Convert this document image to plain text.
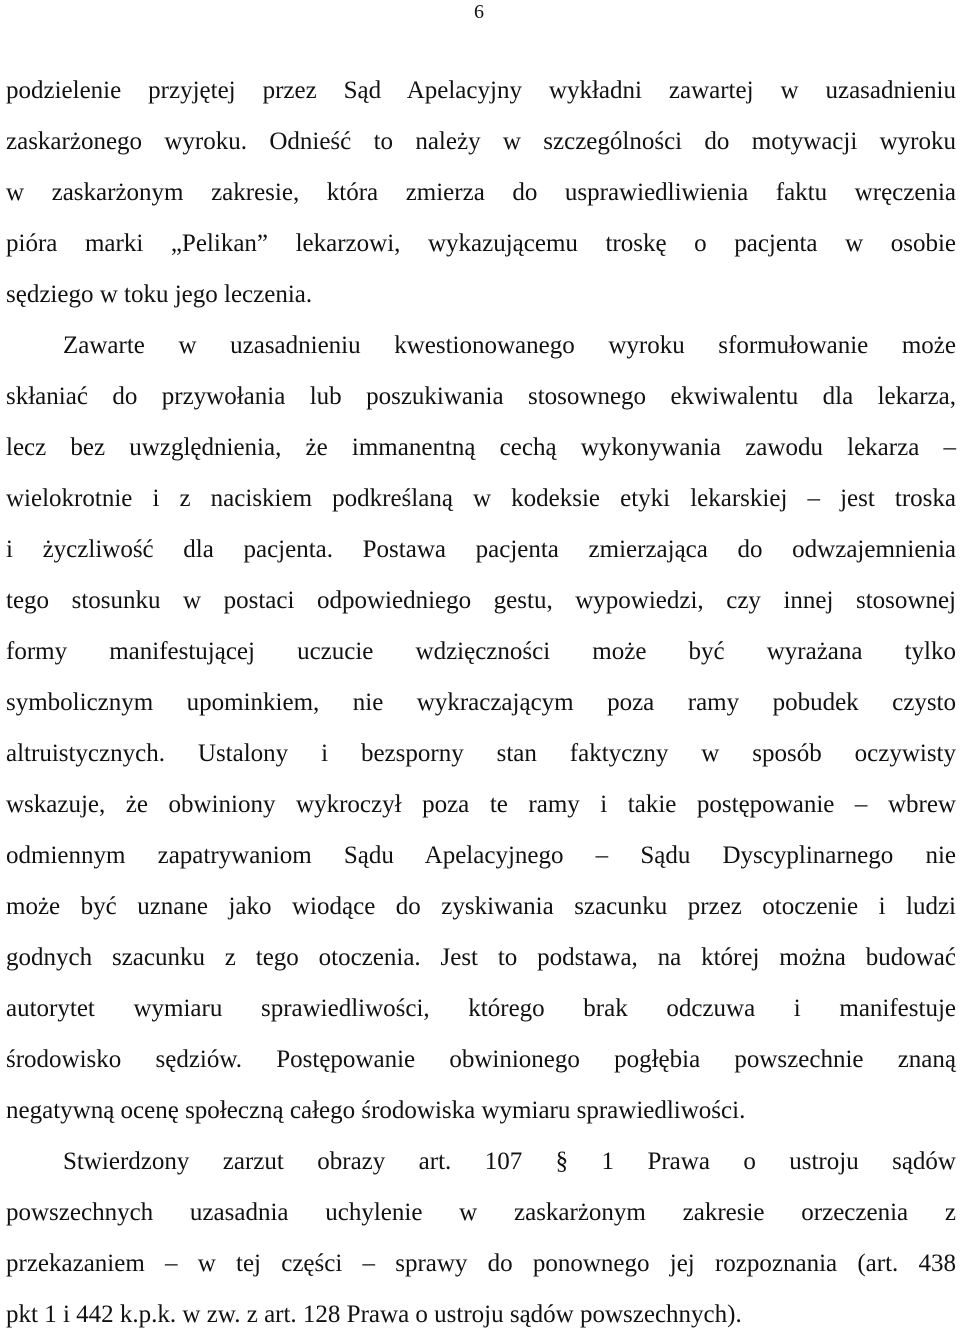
6
podzielenie przyjętej przez Sąd Apelacyjny wykładni zawartej w uzasadnieniu
zaskarżonego wyroku. Odnieść to należy w szczególności do motywacji wyroku
w zaskarżonym zakresie, która zmierza do usprawiedliwienia faktu wręczenia
pióra marki „Pelikan” lekarzowi, wykazującemu troskę o pacjenta w osobie
sędziego w toku jego leczenia.
Zawarte w uzasadnieniu kwestionowanego wyroku sformułowanie może
skłaniać do przywołania lub poszukiwania stosownego ekwiwalentu dla lekarza,
lecz bez uwzględnienia, że immanentną cechą wykonywania zawodu lekarza –
wielokrotnie i z naciskiem podkreślaną w kodeksie etyki lekarskiej – jest troska
i życzliwość dla pacjenta. Postawa pacjenta zmierzająca do odwzajemnienia
tego stosunku w postaci odpowiedniego gestu, wypowiedzi, czy innej stosownej
formy manifestującej uczucie wdzięczności może być wyrażana tylko
symbolicznym upominkiem, nie wykraczającym poza ramy pobudek czysto
altruistycznych. Ustalony i bezsporny stan faktyczny w sposób oczywisty
wskazuje, że obwiniony wykroczył poza te ramy i takie postępowanie – wbrew
odmiennym zapatrywaniom Sądu Apelacyjnego – Sądu Dyscyplinarnego nie
może być uznane jako wiodące do zyskiwania szacunku przez otoczenie i ludzi
godnych szacunku z tego otoczenia. Jest to podstawa, na której można budować
autorytet wymiaru sprawiedliwości, którego brak odczuwa i manifestuje
środowisko sędziów. Postępowanie obwinionego pogłębia powszechnie znaną
negatywną ocenę społeczną całego środowiska wymiaru sprawiedliwości.
Stwierdzony zarzut obrazy art. 107 § 1 Prawa o ustroju sądów
powszechnych uzasadnia uchylenie w zaskarżonym zakresie orzeczenia z
przekazaniem – w tej części – sprawy do ponownego jej rozpoznania (art. 438
pkt 1 i 442 k.p.k. w zw. z art. 128 Prawa o ustroju sądów powszechnych).
